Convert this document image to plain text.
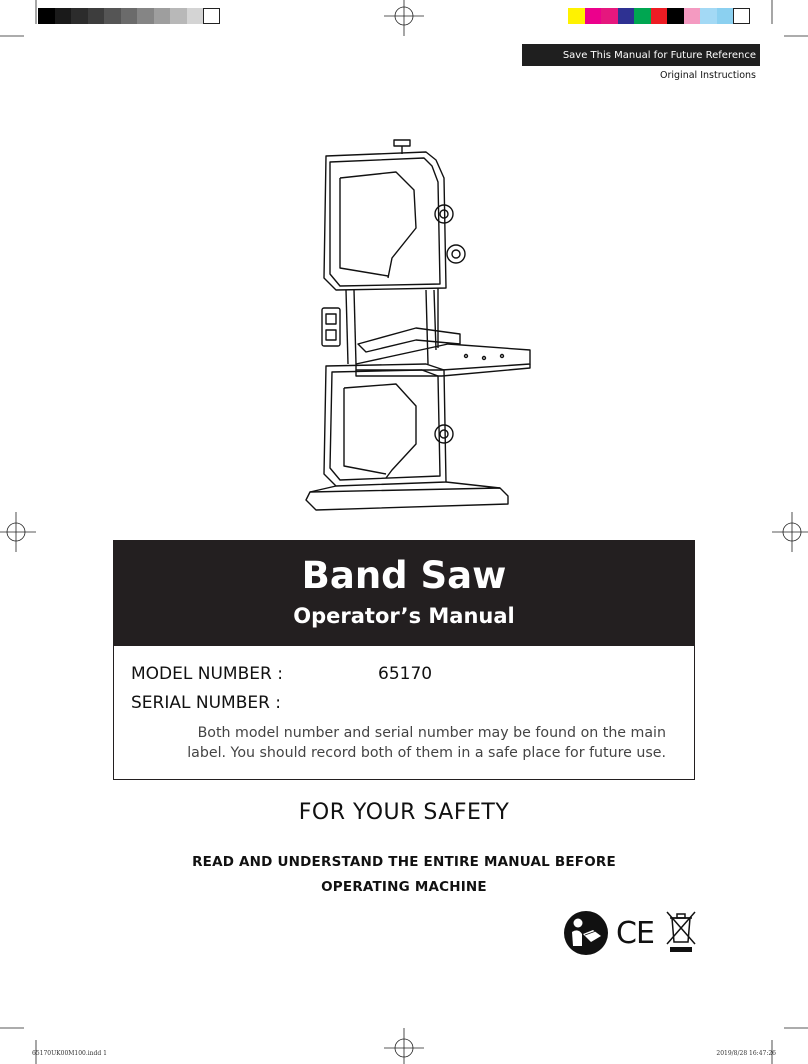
Save This Manual for Future Reference
Original Instructions
Band Saw
Operator’s Manual
MODEL NUMBER :	65170
SERIAL NUMBER :
Both model number and serial number may be found on the main
label. You should record both of them in a safe place for future use.
FOR YOUR SAFETY
READ AND UNDERSTAND THE ENTIRE MANUAL BEFORE
OPERATING MACHINE
CE
65170UK00M100.indd 1	2019/8/28 16:47:26
